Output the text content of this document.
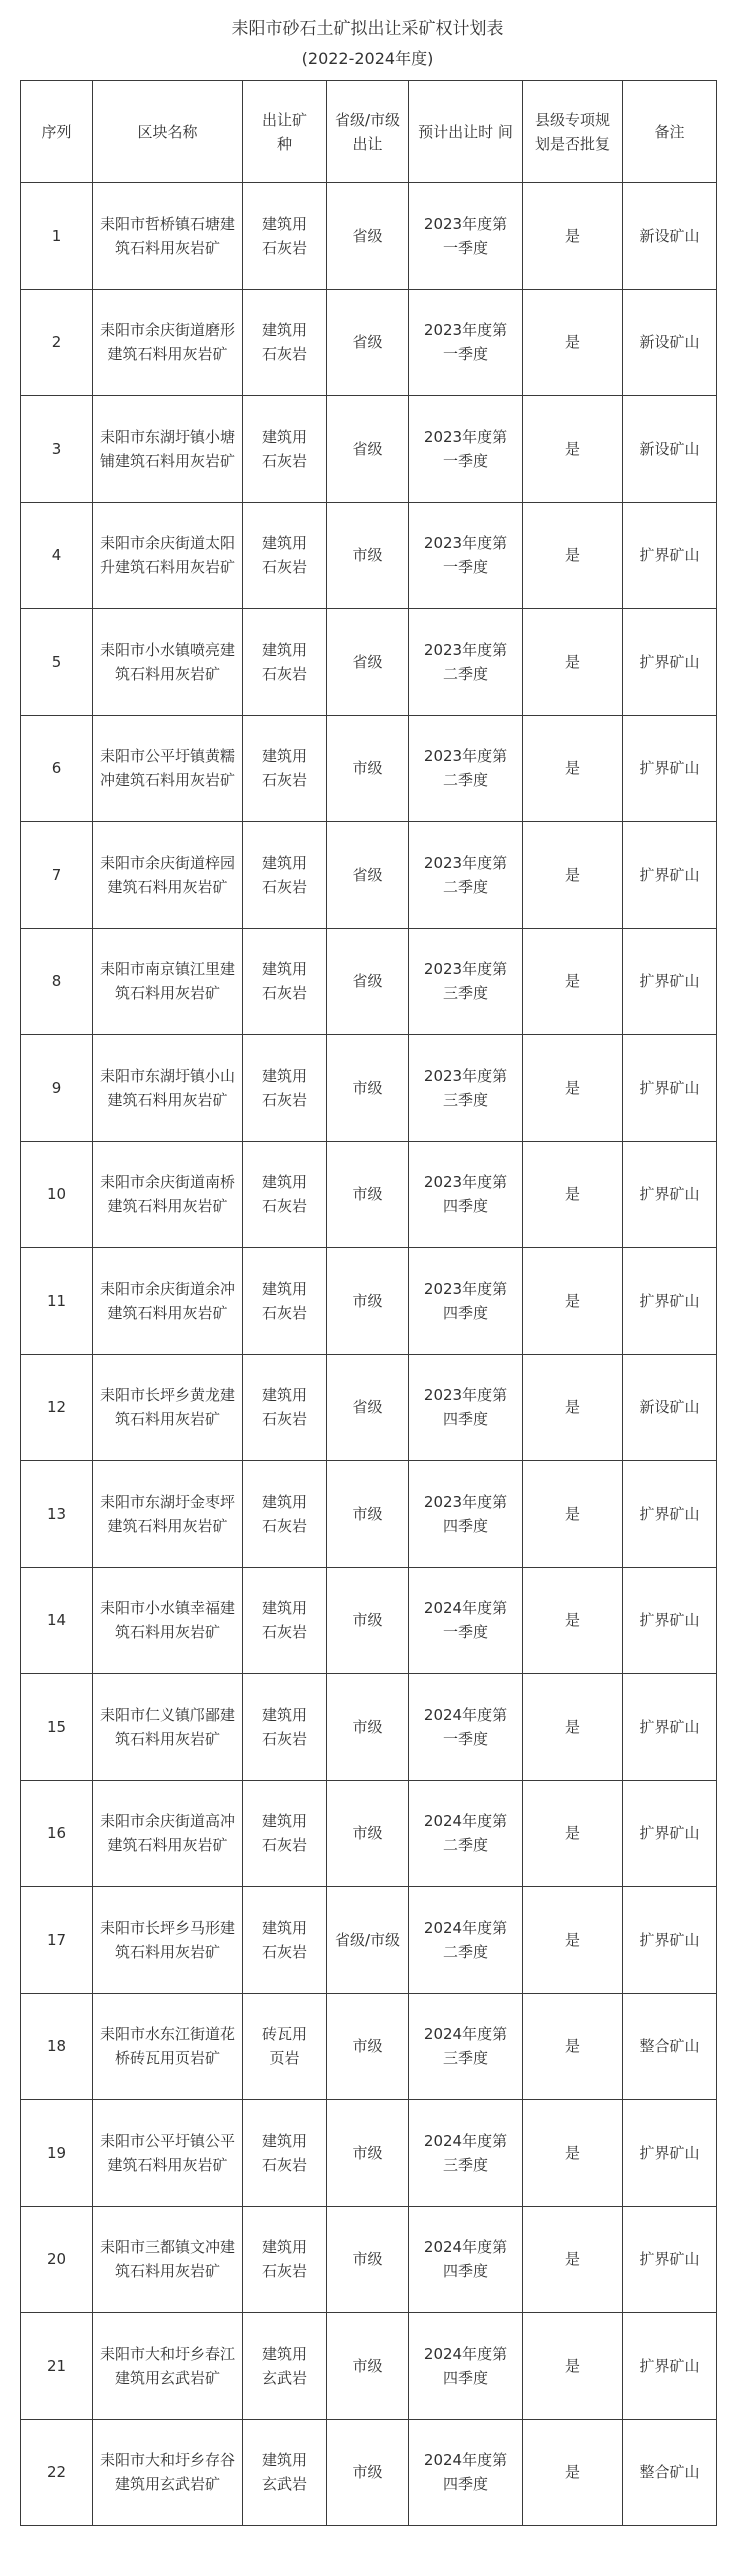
耒阳市砂石土矿拟出让采矿权计划表
(2022-2024年度)
序列	区块名称	出让矿种	省级/市级出让	预计出让时 间	县级专项规划是否批复	备注
1	耒阳市哲桥镇石塘建筑石料用灰岩矿	建筑用石灰岩	省级	2023年度第一季度	是	新设矿山
2	耒阳市余庆街道磨形建筑石料用灰岩矿	建筑用石灰岩	省级	2023年度第一季度	是	新设矿山
3	耒阳市东湖圩镇小塘铺建筑石料用灰岩矿	建筑用石灰岩	省级	2023年度第一季度	是	新设矿山
4	耒阳市余庆街道太阳升建筑石料用灰岩矿	建筑用石灰岩	市级	2023年度第一季度	是	扩界矿山
5	耒阳市小水镇喷亮建筑石料用灰岩矿	建筑用石灰岩	省级	2023年度第二季度	是	扩界矿山
6	耒阳市公平圩镇黄糯冲建筑石料用灰岩矿	建筑用石灰岩	市级	2023年度第二季度	是	扩界矿山
7	耒阳市余庆街道梓园建筑石料用灰岩矿	建筑用石灰岩	省级	2023年度第二季度	是	扩界矿山
8	耒阳市南京镇江里建筑石料用灰岩矿	建筑用石灰岩	省级	2023年度第三季度	是	扩界矿山
9	耒阳市东湖圩镇小山建筑石料用灰岩矿	建筑用石灰岩	市级	2023年度第三季度	是	扩界矿山
10	耒阳市余庆街道南桥建筑石料用灰岩矿	建筑用石灰岩	市级	2023年度第四季度	是	扩界矿山
11	耒阳市余庆街道余冲建筑石料用灰岩矿	建筑用石灰岩	市级	2023年度第四季度	是	扩界矿山
12	耒阳市长坪乡黄龙建筑石料用灰岩矿	建筑用石灰岩	省级	2023年度第四季度	是	新设矿山
13	耒阳市东湖圩金枣坪建筑石料用灰岩矿	建筑用石灰岩	市级	2023年度第四季度	是	扩界矿山
14	耒阳市小水镇幸福建筑石料用灰岩矿	建筑用石灰岩	市级	2024年度第一季度	是	扩界矿山
15	耒阳市仁义镇邝鄙建筑石料用灰岩矿	建筑用石灰岩	市级	2024年度第一季度	是	扩界矿山
16	耒阳市余庆街道高冲建筑石料用灰岩矿	建筑用石灰岩	市级	2024年度第二季度	是	扩界矿山
17	耒阳市长坪乡马形建筑石料用灰岩矿	建筑用石灰岩	省级/市级	2024年度第二季度	是	扩界矿山
18	耒阳市水东江街道花桥砖瓦用页岩矿	砖瓦用页岩	市级	2024年度第三季度	是	整合矿山
19	耒阳市公平圩镇公平建筑石料用灰岩矿	建筑用石灰岩	市级	2024年度第三季度	是	扩界矿山
20	耒阳市三都镇文冲建筑石料用灰岩矿	建筑用石灰岩	市级	2024年度第四季度	是	扩界矿山
21	耒阳市大和圩乡春江建筑用玄武岩矿	建筑用玄武岩	市级	2024年度第四季度	是	扩界矿山
22	耒阳市大和圩乡存谷建筑用玄武岩矿	建筑用玄武岩	市级	2024年度第四季度	是	整合矿山
